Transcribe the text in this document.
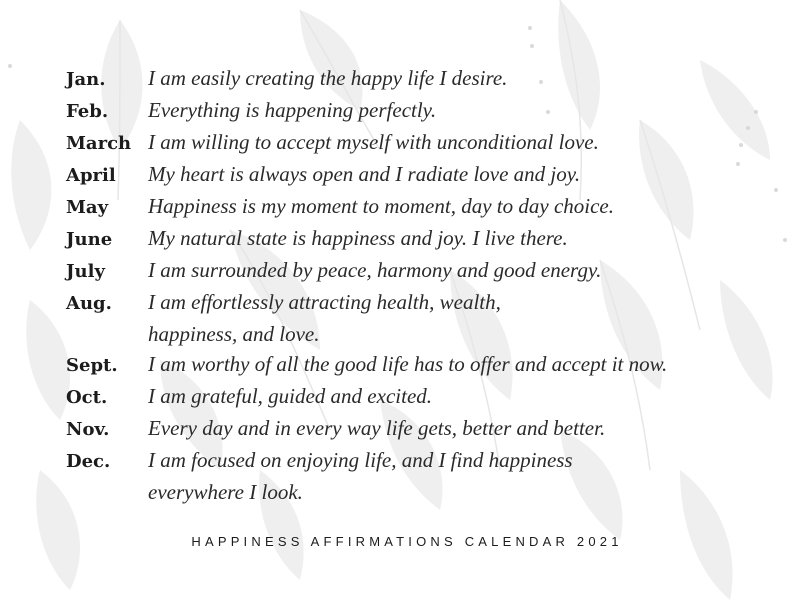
Jan. I am easily creating the happy life I desire.
Feb. Everything is happening perfectly.
March I am willing to accept myself with unconditional love.
April My heart is always open and I radiate love and joy.
May Happiness is my moment to moment, day to day choice.
June My natural state is happiness and joy. I live there.
July I am surrounded by peace, harmony and good energy.
Aug. I am effortlessly attracting health, wealth,
happiness, and love.
Sept. I am worthy of all the good life has to offer and accept it now.
Oct. I am grateful, guided and excited.
Nov. Every day and in every way life gets, better and better.
Dec. I am focused on enjoying life, and I find happiness
everywhere I look.
HAPPINESS AFFIRMATIONS CALENDAR 2021
